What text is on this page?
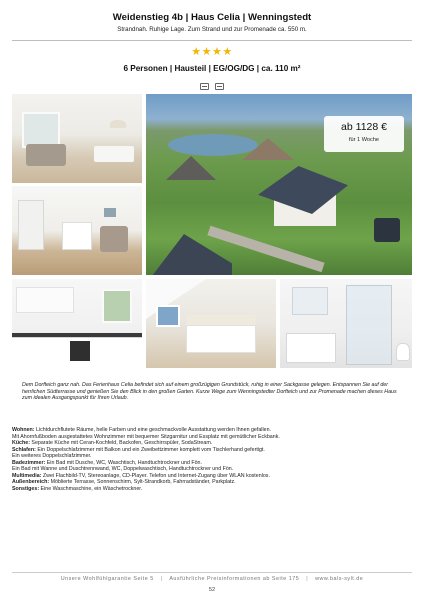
Weidenstieg 4b | Haus Celia | Wenningstedt
Strandnah. Ruhige Lage. Zum Strand und zur Promenade ca. 550 m.
★★★★
6 Personen | Hausteil | EG/OG/DG | ca. 110 m²

ab 1128 €
für 1 Woche

Dem Dorfteich ganz nah. Das Ferienhaus Celia befindet sich auf einem großzügigen Grundstück, ruhig in einer Sackgasse gelegen. Entspannen Sie auf der herrlichen Südterrasse und genießen Sie den Blick in den großen Garten. Kurze Wege zum Wenningstedter Dorfteich und zur Promenade machen dieses Haus zum idealen Ausgangspunkt für Ihren Urlaub.

Wohnen: Lichtdurchflutete Räume, helle Farben und eine geschmackvolle Ausstattung werden Ihnen gefallen.
Mit Ahornfußboden ausgestattetes Wohnzimmer mit bequemer Sitzgarnitur und Essplatz mit gemütlicher Eckbank.
Küche: Separate Küche mit Ceran-Kochfeld, Backofen, Geschirrspüler, SodaStream.
Schlafen: Ein Doppelschlafzimmer mit Balkon und ein Zweibettzimmer komplett vom Tischlerhand gefertigt.
Ein weiteres Doppelschlafzimmer.
Badezimmer: Ein Bad mit Dusche, WC, Waschtisch, Handtuchtrockner und Fön.
Ein Bad mit Wanne und Duschtrennwand, WC, Doppelwaschtisch, Handtuchtrockner und Fön.
Multimedia: Zwei Flachbild-TV, Stereoanlage, CD-Player. Telefon und Internet-Zugang über WLAN kostenlos.
Außenbereich: Möblierte Terrasse, Sonnenschirm, Sylt-Strandkorb, Fahrradständer, Parkplatz.
Sonstiges: Eine Waschmaschine, ein Wäschetrockner.
Unsere Wohlfühlgarantie Seite 5 | Ausführliche Preisinformationen ab Seite 175 | www.bals-sylt.de
52
